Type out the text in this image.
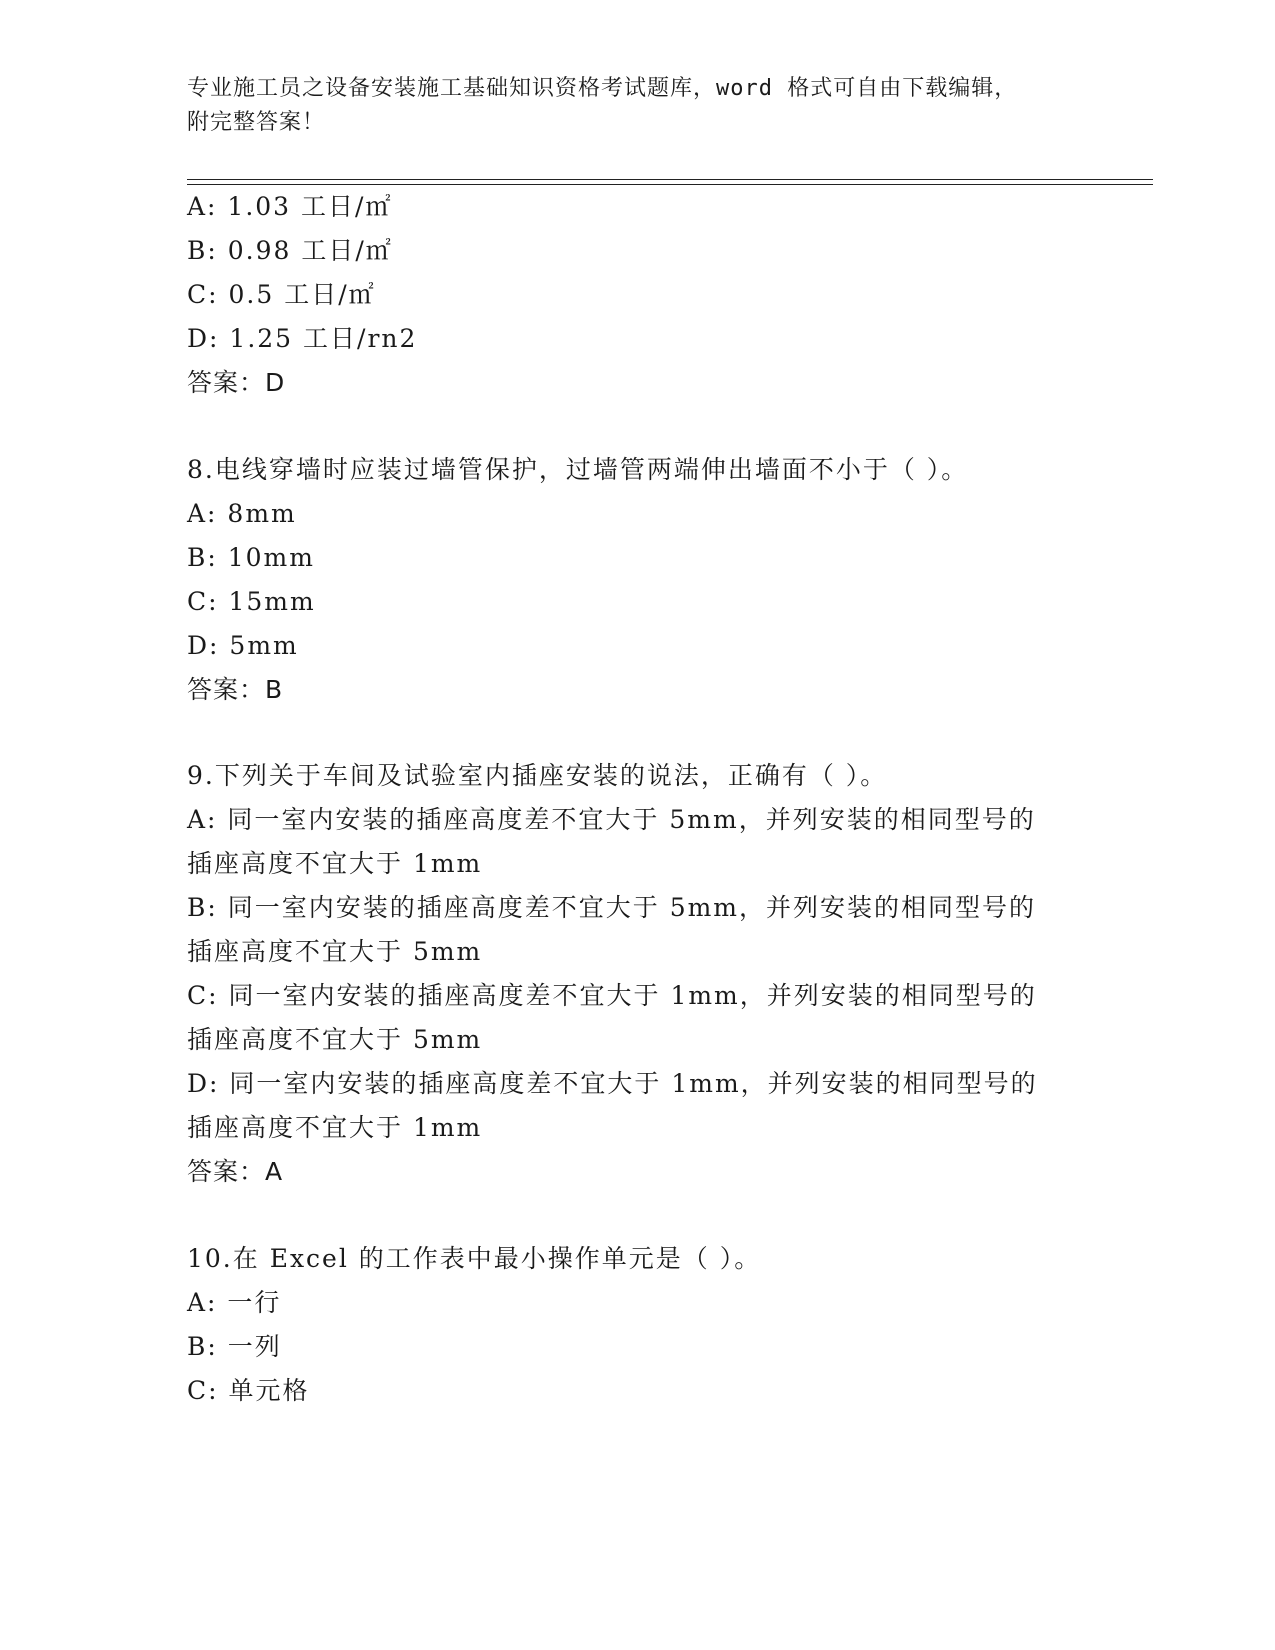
专业施工员之设备安装施工基础知识资格考试题库，word 格式可自由下载编辑，
附完整答案！
A: 1.03 工日/㎡
B: 0.98 工日/㎡
C: 0.5 工日/㎡
D: 1.25 工日/rn2
答案：D
8.电线穿墙时应装过墙管保护，过墙管两端伸出墙面不小于（ ）。
A: 8mm
B: 10mm
C: 15mm
D: 5mm
答案：B
9.下列关于车间及试验室内插座安装的说法，正确有（ ）。
A: 同一室内安装的插座高度差不宜大于 5mm，并列安装的相同型号的
插座高度不宜大于 1mm
B: 同一室内安装的插座高度差不宜大于 5mm，并列安装的相同型号的
插座高度不宜大于 5mm
C: 同一室内安装的插座高度差不宜大于 1mm，并列安装的相同型号的
插座高度不宜大于 5mm
D: 同一室内安装的插座高度差不宜大于 1mm，并列安装的相同型号的
插座高度不宜大于 1mm
答案：A
10.在 Excel 的工作表中最小操作单元是（ ）。
A: 一行
B: 一列
C: 单元格
